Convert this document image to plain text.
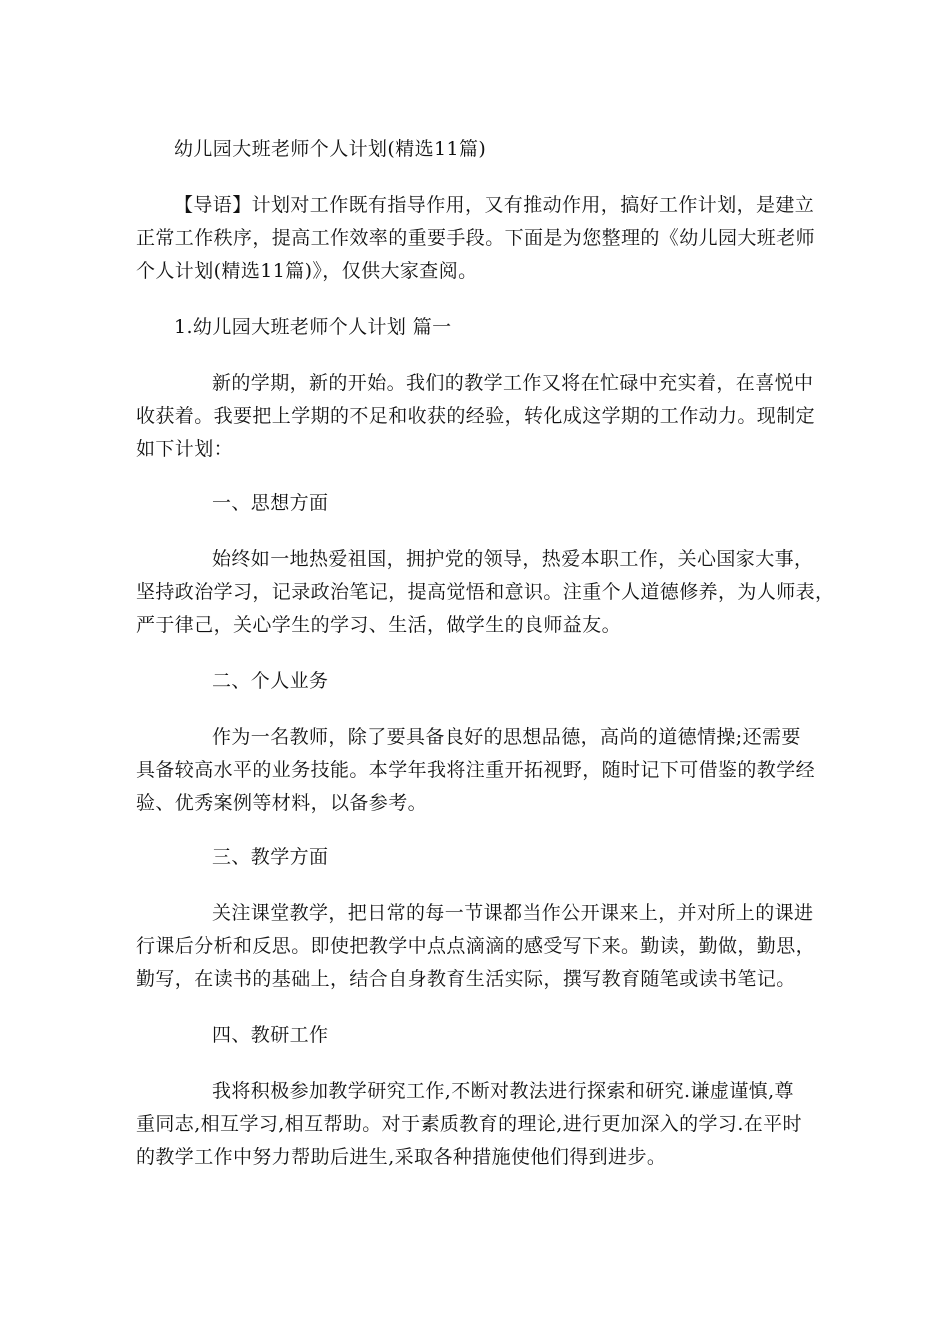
幼儿园大班老师个人计划(精选11篇)
【导语】计划对工作既有指导作用，又有推动作用，搞好工作计划，是建立
正常工作秩序，提高工作效率的重要手段。下面是为您整理的《幼儿园大班老师
个人计划(精选11篇)》，仅供大家查阅。
1.幼儿园大班老师个人计划 篇一
新的学期，新的开始。我们的教学工作又将在忙碌中充实着，在喜悦中
收获着。我要把上学期的不足和收获的经验，转化成这学期的工作动力。现制定
如下计划：
一、思想方面
始终如一地热爱祖国，拥护党的领导，热爱本职工作，关心国家大事，
坚持政治学习，记录政治笔记，提高觉悟和意识。注重个人道德修养，为人师表，
严于律己，关心学生的学习、生活，做学生的良师益友。
二、个人业务
作为一名教师，除了要具备良好的思想品德，高尚的道德情操;还需要
具备较高水平的业务技能。本学年我将注重开拓视野，随时记下可借鉴的教学经
验、优秀案例等材料，以备参考。
三、教学方面
关注课堂教学，把日常的每一节课都当作公开课来上，并对所上的课进
行课后分析和反思。即使把教学中点点滴滴的感受写下来。勤读，勤做，勤思，
勤写，在读书的基础上，结合自身教育生活实际，撰写教育随笔或读书笔记。
四、教研工作
我将积极参加教学研究工作,不断对教法进行探索和研究.谦虚谨慎,尊
重同志,相互学习,相互帮助。对于素质教育的理论,进行更加深入的学习.在平时
的教学工作中努力帮助后进生,采取各种措施使他们得到进步。
